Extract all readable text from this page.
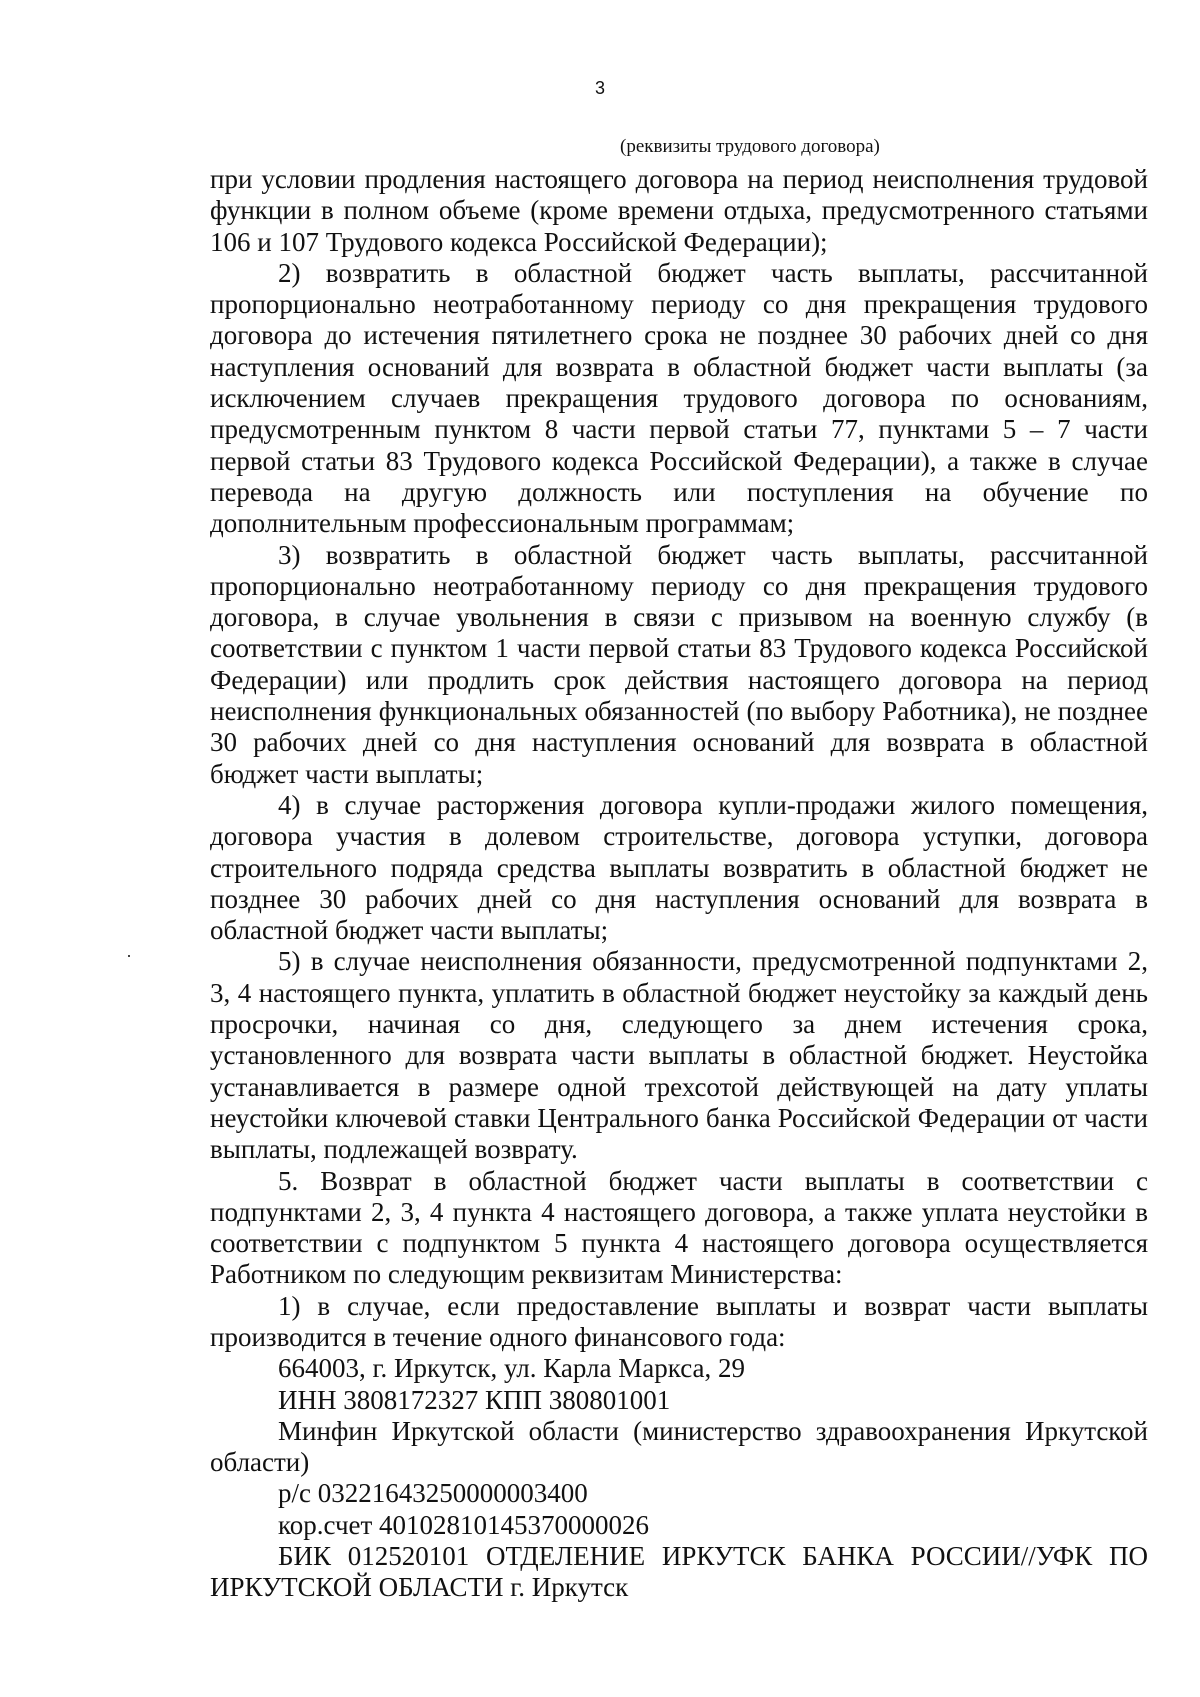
3
(реквизиты трудового договора)

при условии продления настоящего договора на период неисполнения трудовой функции в полном объеме (кроме времени отдыха, предусмотренного статьями 106 и 107 Трудового кодекса Российской Федерации);

2) возвратить в областной бюджет часть выплаты, рассчитанной пропорционально неотработанному периоду со дня прекращения трудового договора до истечения пятилетнего срока не позднее 30 рабочих дней со дня наступления оснований для возврата в областной бюджет части выплаты (за исключением случаев прекращения трудового договора по основаниям, предусмотренным пунктом 8 части первой статьи 77, пунктами 5 – 7 части первой статьи 83 Трудового кодекса Российской Федерации), а также в случае перевода на другую должность или поступления на обучение по дополнительным профессиональным программам;

3) возвратить в областной бюджет часть выплаты, рассчитанной пропорционально неотработанному периоду со дня прекращения трудового договора, в случае увольнения в связи с призывом на военную службу (в соответствии с пунктом 1 части первой статьи 83 Трудового кодекса Российской Федерации) или продлить срок действия настоящего договора на период неисполнения функциональных обязанностей (по выбору Работника), не позднее 30 рабочих дней со дня наступления оснований для возврата в областной бюджет части выплаты;

4) в случае расторжения договора купли-продажи жилого помещения, договора участия в долевом строительстве, договора уступки, договора строительного подряда средства выплаты возвратить в областной бюджет не позднее 30 рабочих дней со дня наступления оснований для возврата в областной бюджет части выплаты;

5) в случае неисполнения обязанности, предусмотренной подпунктами 2, 3, 4 настоящего пункта, уплатить в областной бюджет неустойку за каждый день просрочки, начиная со дня, следующего за днем истечения срока, установленного для возврата части выплаты в областной бюджет. Неустойка устанавливается в размере одной трехсотой действующей на дату уплаты неустойки ключевой ставки Центрального банка Российской Федерации от части выплаты, подлежащей возврату.

5. Возврат в областной бюджет части выплаты в соответствии с подпунктами 2, 3, 4 пункта 4 настоящего договора, а также уплата неустойки в соответствии с подпунктом 5 пункта 4 настоящего договора осуществляется Работником по следующим реквизитам Министерства:

1) в случае, если предоставление выплаты и возврат части выплаты производится в течение одного финансового года:

664003, г. Иркутск, ул. Карла Маркса, 29

ИНН 3808172327 КПП 380801001

Минфин Иркутской области (министерство здравоохранения Иркутской области)

р/с 03221643250000003400

кор.счет 40102810145370000026

БИК 012520101 ОТДЕЛЕНИЕ ИРКУТСК БАНКА РОССИИ//УФК ПО ИРКУТСКОЙ ОБЛАСТИ г. Иркутск
